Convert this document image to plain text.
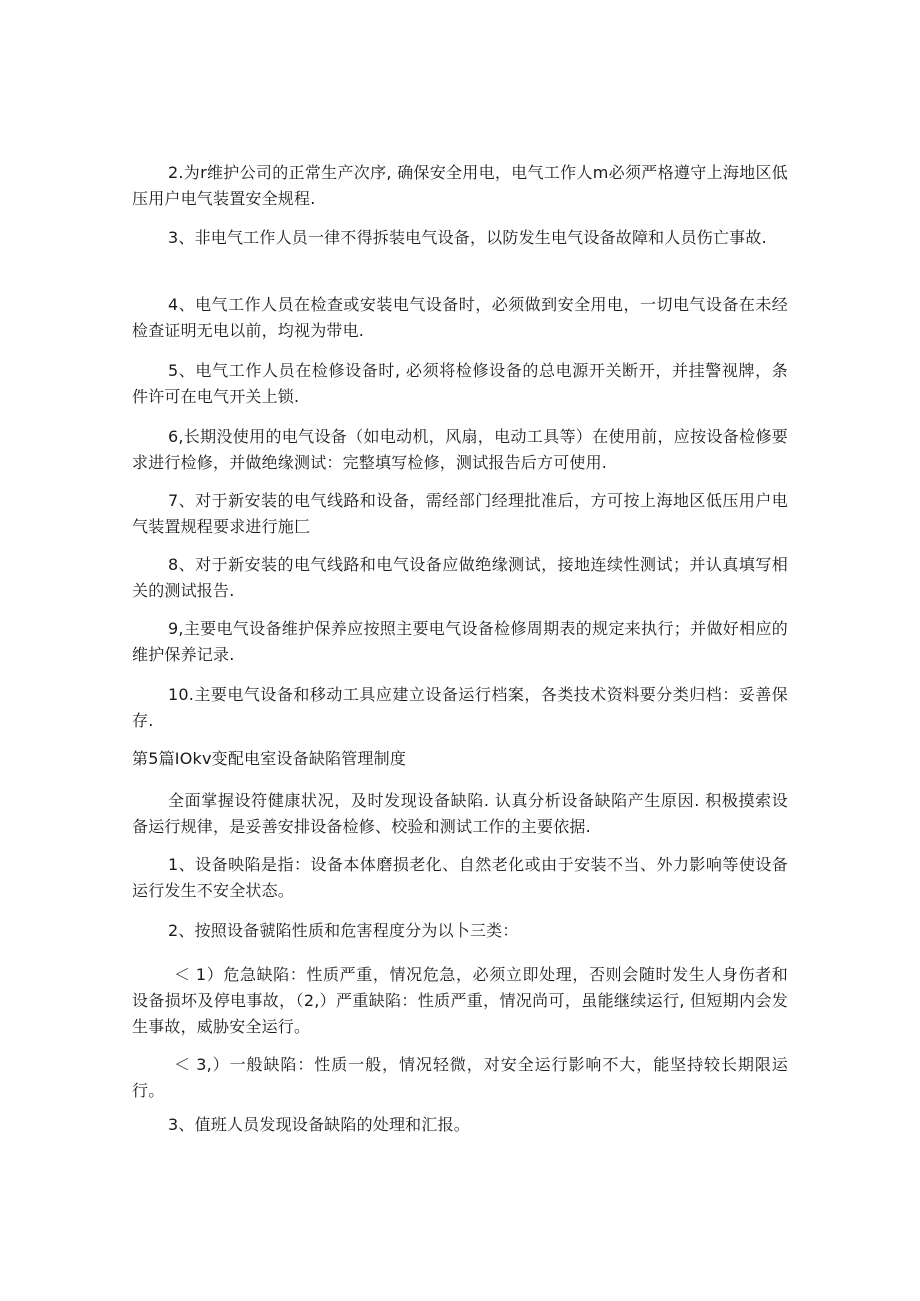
2.为r维护公司的正常生产次序, 确保安全用电，电气工作人m必须严格遵守上海地区低压用户电气装置安全规程.

3、非电气工作人员一律不得拆装电气设备，以防发生电气设备故障和人员伤亡事故.

4、电气工作人员在检查或安装电气设备时，必须做到安全用电，一切电气设备在未经检查证明无电以前，均视为带电.

5、电气工作人员在检修设备时, 必须将检修设备的总电源开关断开，并挂警视牌，条件许可在电气开关上锁.

6,长期没使用的电气设备（如电动机，风扇，电动工具等）在使用前，应按设备检修要求进行检修，并做绝缘测试：完整填写检修，测试报告后方可使用.

7、对于新安装的电气线路和设备，需经部门经理批准后，方可按上海地区低压用户电气装置规程要求进行施匚

8、对于新安装的电气线路和电气设备应做绝缘测试，接地连续性测试；并认真填写相关的测试报告.

9,主要电气设备维护保养应按照主要电气设备检修周期表的规定来执行；并做好相应的维护保养记录.

10.主要电气设备和移动工具应建立设备运行档案，各类技术资料要分类归档：妥善保存.

第5篇IOkv变配电室设备缺陷管理制度

全面掌握设符健康状况，及时发现设备缺陷. 认真分析设备缺陷产生原因. 积极摸索设备运行规律，是妥善安排设备检修、校验和测试工作的主要依据.

1、设备映陷是指：设备本体磨损老化、自然老化或由于安装不当、外力影响等使设备运行发生不安全状态。

2、按照设备虢陷性质和危害程度分为以卜三类：

＜ 1）危急缺陷：性质严重，情况危急，必须立即处理，否则会随时发生人身伤者和设备损坏及停电事故，（2,）严重缺陷：性质严重，情况尚可，虽能继续运行, 但短期内会发生事故，威胁安全运行。

＜ 3,）一般缺陷：性质一般，情况轻微，对安全运行影响不大，能坚持较长期限运行。

3、值班人员发现设备缺陷的处理和汇报。
